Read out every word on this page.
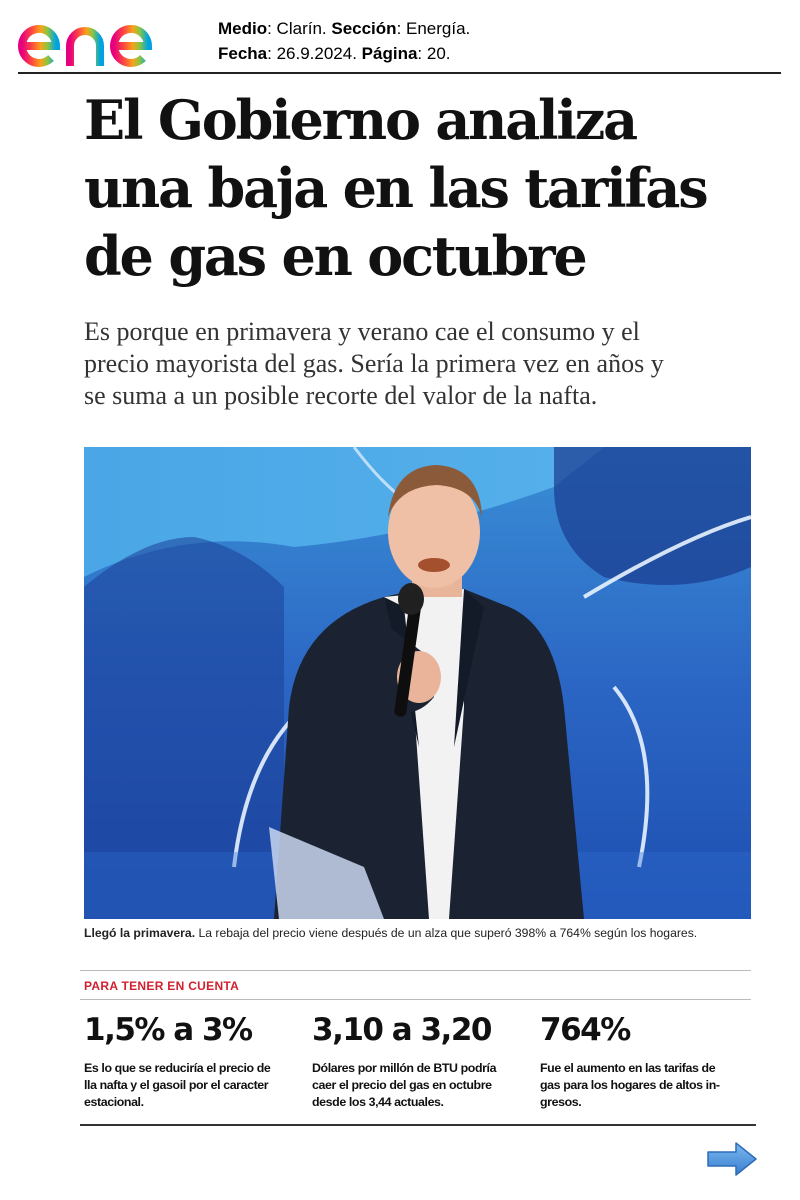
Medio: Clarín. Sección: Energía.
Fecha: 26.9.2024. Página: 20.
El Gobierno analiza
una baja en las tarifas
de gas en octubre
Es porque en primavera y verano cae el consumo y el
precio mayorista del gas. Sería la primera vez en años y
se suma a un posible recorte del valor de la nafta.
Llegó la primavera. La rebaja del precio viene después de un alza que superó 398% a 764% según los hogares.
PARA TENER EN CUENTA
1,5% a 3%
Es lo que se reduciría el precio de
lla nafta y el gasoil por el caracter
estacional.
3,10 a 3,20
Dólares por millón de BTU podría
caer el precio del gas en octubre
desde los 3,44 actuales.
764%
Fue el aumento en las tarifas de
gas para los hogares de altos in-
gresos.
